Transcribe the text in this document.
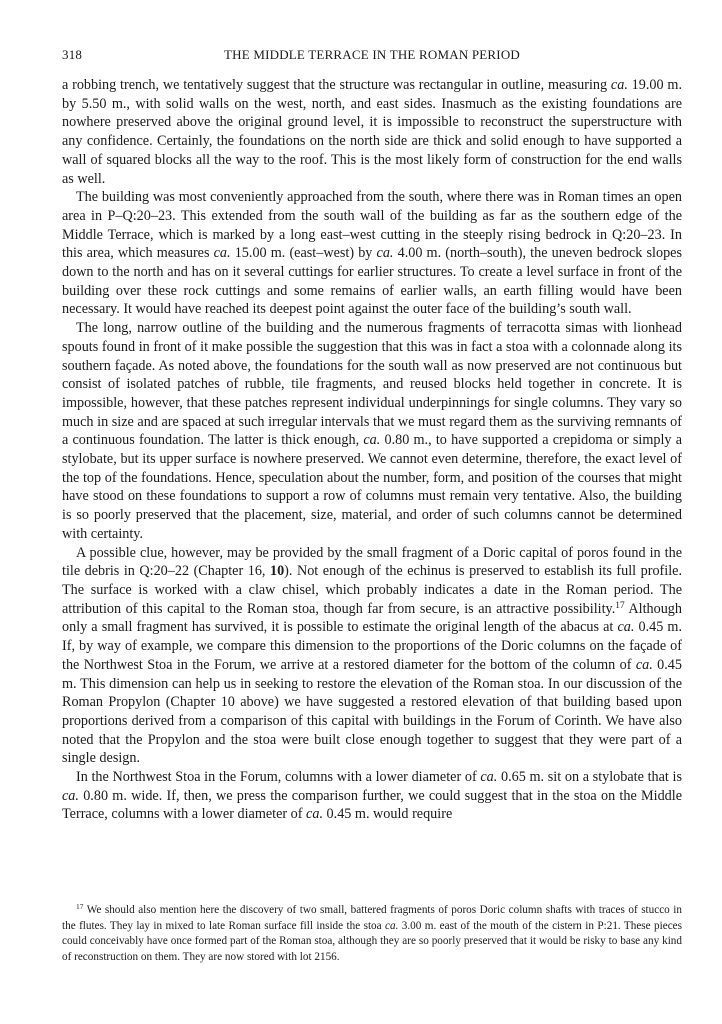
318	THE MIDDLE TERRACE IN THE ROMAN PERIOD

a robbing trench, we tentatively suggest that the structure was rectangular in outline, measuring ca. 19.00 m. by 5.50 m., with solid walls on the west, north, and east sides. Inasmuch as the existing foundations are nowhere preserved above the original ground level, it is impossible to reconstruct the superstructure with any confidence. Certainly, the foundations on the north side are thick and solid enough to have supported a wall of squared blocks all the way to the roof. This is the most likely form of construction for the end walls as well.

The building was most conveniently approached from the south, where there was in Roman times an open area in P–Q:20–23. This extended from the south wall of the building as far as the southern edge of the Middle Terrace, which is marked by a long east–west cutting in the steeply rising bedrock in Q:20–23. In this area, which measures ca. 15.00 m. (east–west) by ca. 4.00 m. (north–south), the uneven bedrock slopes down to the north and has on it several cuttings for earlier structures. To create a level surface in front of the building over these rock cuttings and some remains of earlier walls, an earth filling would have been necessary. It would have reached its deepest point against the outer face of the building’s south wall.

The long, narrow outline of the building and the numerous fragments of terracotta simas with lionhead spouts found in front of it make possible the suggestion that this was in fact a stoa with a colonnade along its southern façade. As noted above, the foundations for the south wall as now preserved are not continuous but consist of isolated patches of rubble, tile fragments, and reused blocks held together in concrete. It is impossible, however, that these patches represent individual underpinnings for single columns. They vary so much in size and are spaced at such irregular intervals that we must regard them as the surviving remnants of a continuous foundation. The latter is thick enough, ca. 0.80 m., to have supported a crepidoma or simply a stylobate, but its upper surface is nowhere preserved. We cannot even determine, therefore, the exact level of the top of the foundations. Hence, speculation about the number, form, and position of the courses that might have stood on these foundations to support a row of columns must remain very tentative. Also, the building is so poorly preserved that the placement, size, material, and order of such columns cannot be determined with certainty.

A possible clue, however, may be provided by the small fragment of a Doric capital of poros found in the tile debris in Q:20–22 (Chapter 16, 10). Not enough of the echinus is preserved to establish its full profile. The surface is worked with a claw chisel, which probably indicates a date in the Roman period. The attribution of this capital to the Roman stoa, though far from secure, is an attractive possibility.$^{17}$ Although only a small fragment has survived, it is possible to estimate the original length of the abacus at ca. 0.45 m. If, by way of example, we compare this dimension to the proportions of the Doric columns on the façade of the Northwest Stoa in the Forum, we arrive at a restored diameter for the bottom of the column of ca. 0.45 m. This dimension can help us in seeking to restore the elevation of the Roman stoa. In our discussion of the Roman Propylon (Chapter 10 above) we have suggested a restored elevation of that building based upon proportions derived from a comparison of this capital with buildings in the Forum of Corinth. We have also noted that the Propylon and the stoa were built close enough together to suggest that they were part of a single design.

In the Northwest Stoa in the Forum, columns with a lower diameter of ca. 0.65 m. sit on a stylobate that is ca. 0.80 m. wide. If, then, we press the comparison further, we could suggest that in the stoa on the Middle Terrace, columns with a lower diameter of ca. 0.45 m. would require

$^{17}$ We should also mention here the discovery of two small, battered fragments of poros Doric column shafts with traces of stucco in the flutes. They lay in mixed to late Roman surface fill inside the stoa ca. 3.00 m. east of the mouth of the cistern in P:21. These pieces could conceivably have once formed part of the Roman stoa, although they are so poorly preserved that it would be risky to base any kind of reconstruction on them. They are now stored with lot 2156.
